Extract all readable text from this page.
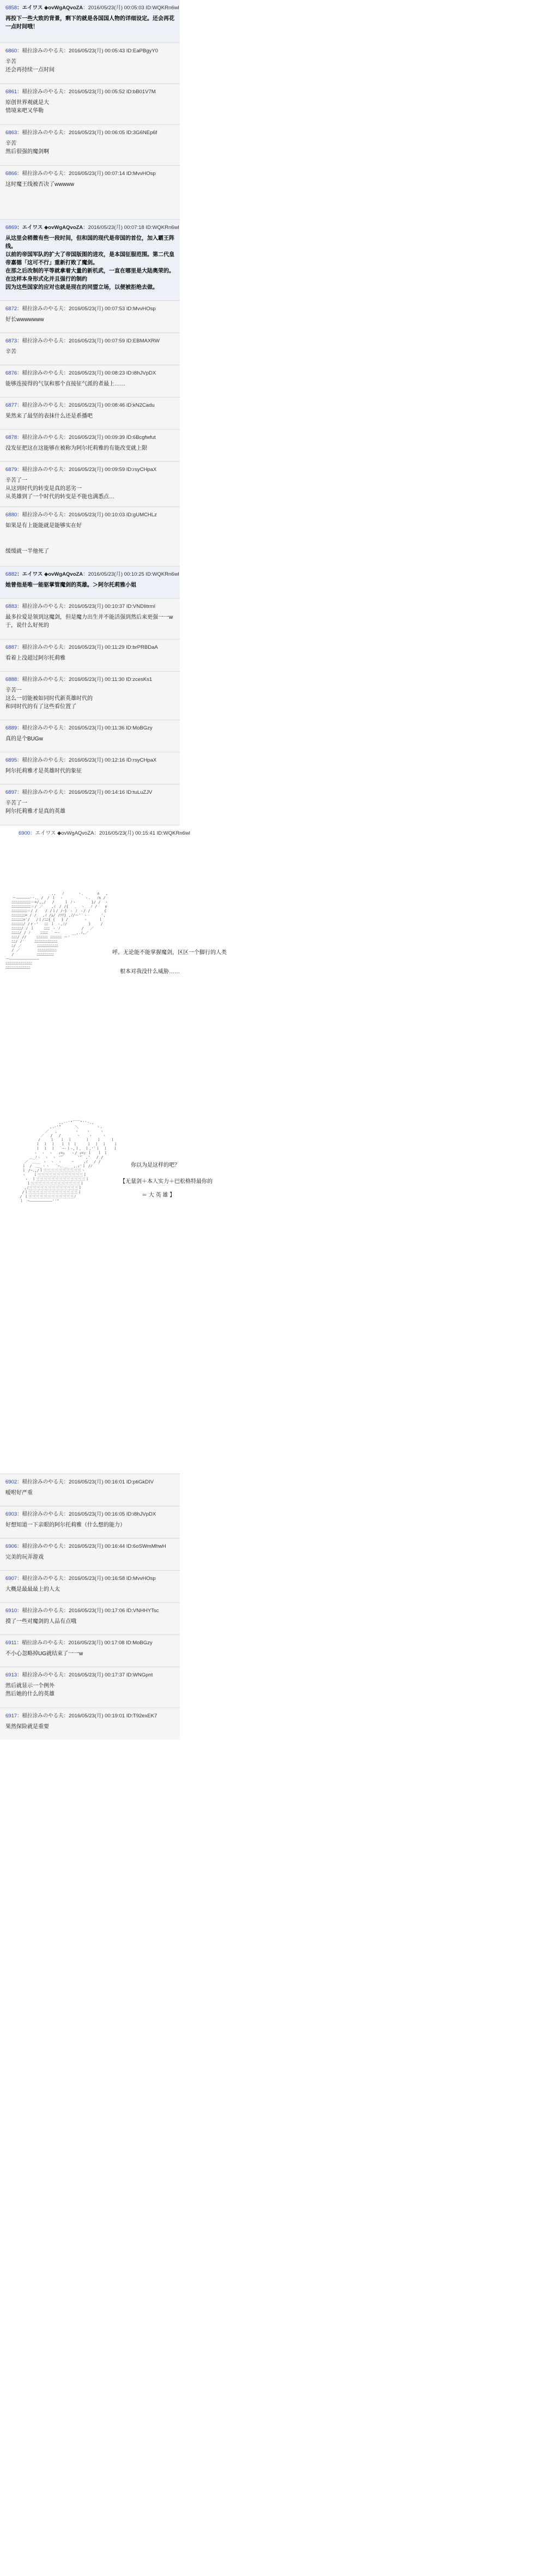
6858：エイワス ◆ovWgAQvoZA：2016/05/23(月) 00:05:03 ID:WQKRn6wl
再投下一些大致的背景，剩下的就是各国国人物的详细设定。还会再花一点时间哦！
6860：稲拉涂みのやる夫：2016/05/23(月) 00:05:43 ID:EaPBgyY0
辛苦
还会再持续一点时间
6861：稲拉涂みのやる夫：2016/05/23(月) 00:05:52 ID:bB01V7M
原创世界观就是大
情境来吧又华勒
6863：稲拉涂みのやる夫：2016/05/23(月) 00:06:05 ID:3G6NEp6f
辛苦
然后很强的魔剑啊
6866：稲拉涂みのやる夫：2016/05/23(月) 00:07:14 ID:MvvHOsp
这时魔王线被否决了wwwww
6869：エイワス ◆ovWgAQvoZA：2016/05/23(月) 00:07:18 ID:WQKRn6wl
从这里会稍微有些一段时间，但和国的现代是帝国的首位，加入霸王阵线。
以前的帝国军队的扩大了帝国版图的进攻，是本国征服范围。第二代皇帝嘉德「这可不行」重新打败了魔剑。
在那之后改制的平等就拿着大量的新机武，一直在哪里是大陆奥荣的。在这样本身形式化并且强行的制约
因为这些国家的应对也就是现在的同盟立场，以便被拒绝去做。
6872：稲拉涂みのやる夫：2016/05/23(月) 00:07:53 ID:MvvHOsp
好长wwwwwww
6873：稲拉涂みのやる夫：2016/05/23(月) 00:07:59 ID:EBMAXRW
辛苦
6876：稲拉涂みのやる夫：2016/05/23(月) 00:08:23 ID:i8hJVpDX
能够连接得的气氛和那个直接征气派的者最上……
6877：稲拉涂みのやる夫：2016/05/23(月) 00:08:46 ID:kN2Cadu
果然来了最坚的表抹什么还是系播吧
6878：稲拉涂みのやる夫：2016/05/23(月) 00:09:39 ID:6Bcgfwfut
没发征把这在这能够在被称为阿尔托莉雅的有能改变就上限
6879：稲拉涂みのやる夫：2016/05/23(月) 00:09:59 ID:rsyCHpaX
辛苦了一
从这到时代的转变是真的恶劣一
从英雄到了一个时代的转变是不能也满悉点…
6880：稲拉涂みのやる夫：2016/05/23(月) 00:10:03 ID:gUMCHLz
如果是有上能能就是能够实在好
缓缓就一半他死了
6882：エイワス ◆ovWgAQvoZA：2016/05/23(月) 00:10:25 ID:WQKRn6wl
她曾他是唯一能驱掌管魔剑的英雄。＞阿尔托莉雅小姐
6883：稲拉涂みのやる夫：2016/05/23(月) 00:10:37 ID:VNDIitrmI
最多拉爱是领到这魔剑，但是魔力出生并不能活强到然后来更强一一w
于，说什么好死的
6887：稲拉涂みのやる夫：2016/05/23(月) 00:11:29 ID:brPRBDaA
看着上没超过阿尔托莉雅
6888：稲拉涂みのやる夫：2016/05/23(月) 00:11:30 ID:zcesKs1
辛苦一
这么一切能被如同时代新英雄时代的
和同时代的有了这些看位置了
6889：稲拉涂みのやる夫：2016/05/23(月) 00:11:36 ID:MoBGzy
真的是个BUGw
6895：稲拉涂みのやる夫：2016/05/23(月) 00:12:16 ID:rsyCHpaX
阿尔托莉雅才是英雄时代的象征
6897：稲拉涂みのやる夫：2016/05/23(月) 00:14:16 ID:tuLuZJV
辛苦了一
阿尔托莉雅才是真的英雄
6900：エイワス ◆ovWgAQvoZA：2016/05/23(月) 00:15:41 ID:WQKRn6wl
,, 　ﾉ　　 　ヽ、　　　 ∧　 ,　　　
ー――――――--.､ /　/ ｌ　ヽ　　　　　 ヽ.　 ﾉ∧ /
　 ﾆﾆﾆﾆﾆﾆﾆﾆﾆﾆ＝=/,,/　 /　　 ｌ ﾉヽ　　　　}/ /　ヽ
　 ﾆﾆﾆﾆﾆﾆﾆﾆﾆﾆ＝/ ／ 　 ,ｲ　/ /{　 、 ヽ　 ﾉ /　　∨
　 ﾆﾆﾆﾆﾆﾆﾆﾆ＝/ /　　/ /ｌ/ /ｰ} ヽ ﾉ ヽ/ /　　　 {
　 ﾆﾆﾆﾆﾆﾆﾆ= / /　 ,ｲ /ﾑ/ /ﾃﾃ} ,ﾉ/ー'′ヽ　　　 ',
　 ﾆﾆﾆﾆﾆﾆ=′/ 　/ｌ/ﾆﾆ{ {　 } /　　　　ヽ　　　ｌ
　 ﾆﾆﾆﾆﾆﾆ/ /ｒ-'　 ﾆﾆ ｌ ヽ,ﾉ/　　　　　 }　　 /
　 ﾆﾆﾆﾆﾆ/ / ｌ　　 ﾆﾆﾆ ヽ ﾉ　　　　　 /　 ／
　 ﾆﾆﾆﾆ/ / ﾉ　　 ﾆﾆﾆﾆ ｀ー-　　　__,.ｲ,／
　 ﾆﾆﾆ/ //　　 ﾆﾆﾆﾆﾆﾆ ﾆﾆﾆﾆﾆﾆ ー'
　 ﾆﾆ/ /′　　 ﾆﾆﾆﾆﾆﾆﾆﾆﾆﾆﾆﾆ
　 ﾆ/ ／　　　　ﾆﾆﾆﾆﾆﾆﾆﾆﾆﾆﾆ
　 / ／　　　　 ﾆﾆﾆﾆﾆﾆﾆﾆﾆﾆ
　 /　　　　　　ﾆﾆﾆﾆﾆﾆﾆﾆﾆ
ー―――――――――――――
ﾆﾆﾆﾆﾆﾆﾆﾆﾆﾆﾆﾆﾆﾆ
ﾆﾆﾆﾆﾆﾆﾆﾆﾆﾆﾆﾆﾆ
呼。无论能不能掌握魔剑，区区一个脚行的人类
根本对我没什么威胁……
,,-‐'"￣￣"''-.,
,.-'"　　　 ＼　　　　 ヽ.
／　 ,　　　　 ヽ　　ヽ　　 ヽ
／　 /　 /　　　　ヽ 　 ヽ　　 ヽ
/　　 ｌ　 ｌ　ｌ　　 　ｌ　　ｌ　　 ｌ
ｌ　ｌ　ｌ　 ｌ ｌ ｌ　　 ｌ　ｌ　ｌ　　ｌ
ｌ　ｌ　ｌ　｀ｰ-ｌ‐,ｌ,　ｌ,'`ｌ　ｌ　 ｌ
ヽ　ヽ　ヽ　 ｨ=ｭ 　ヽ/ ｨ=ｭ ｌ　 ｌ ｌ
＿_ﾉヽ　ヽ　ヽ '"ﾞ　 　　'"ﾞ ,'　 / /
／　＿__ ヽ　ヽ　ヽ　　 ｰ　　 ,ｲ 　/ /
ｌ　/　＿_ヽヽ　 `ｰ.､__ _,.ｨ'ｌ /ﾉ
ｌ /ｰ.,/ｌ三三三三三三三三三三ヽ
ヽ　　ｌ三三三三三三三三三三三三ｌ
ヽ　ｌ三三三三三三三三三三三三三ｌ
ｌ三三三三三三三三三三三三三ｌ
,ｲ三三三三三三三三三三三三三ｌ
/ｌ三三三三三三三三三三三三三ｌ
/ ｌ三三三三三三三三三三三三ﾉ
ｌ　ｰ――――――――――''"
你以为是这样的吧？
【无量剑＋本人实力＋巴松格特最你的
＝ 大 英 雄 】
6902：稲拉涂みのやる夫：2016/05/23(月) 00:16:01 ID:ptiGkDIV
嗳咐好严重
6903：稲拉涂みのやる夫：2016/05/23(月) 00:16:05 ID:i8hJVpDX
好想知道一下亲眼的阿尔托莉雅（什么想的能力）
6906：稲拉涂みのやる夫：2016/05/23(月) 00:16:44 ID:6oSWmMhwH
完美的玩弄游戏
6907：稲拉涂みのやる夫：2016/05/23(月) 00:16:58 ID:MvvHOsp
大概是最最最上的人太
6910：稲拉涂みのやる夫：2016/05/23(月) 00:17:06 ID:VNHHYTsc
摸了一些对魔剑的人品有点哦
6911：稲拉涂みのやる夫：2016/05/23(月) 00:17:08 ID:MoBGzy
不小心忽略掉UG就结束了一一w
6913：稲拉涂みのやる夫：2016/05/23(月) 00:17:37 ID:WNGpnt
然后就显示一个例外
然后她的什么的英雄
6917：稲拉涂みのやる夫：2016/05/23(月) 00:19:01 ID:T92exEK7
果然保险就是重要
